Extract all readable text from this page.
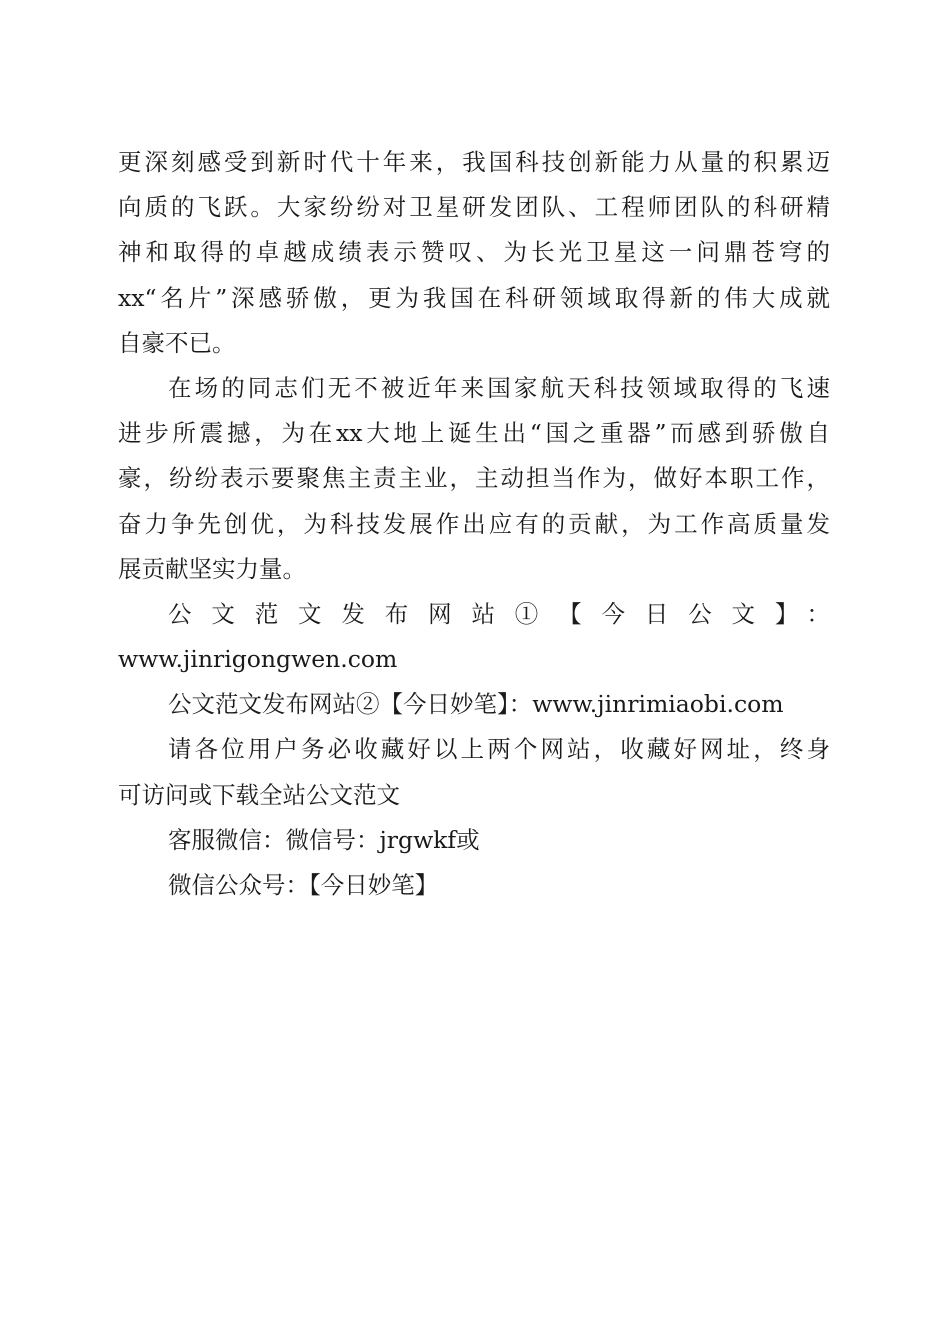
更深刻感受到新时代十年来，我国科技创新能力从量的积累迈
向质的飞跃。大家纷纷对卫星研发团队、工程师团队的科研精
神和取得的卓越成绩表示赞叹、为长光卫星这一问鼎苍穹的
xx“名片”深感骄傲，更为我国在科研领域取得新的伟大成就
自豪不已。
在场的同志们无不被近年来国家航天科技领域取得的飞速
进步所震撼，为在xx大地上诞生出“国之重器”而感到骄傲自
豪，纷纷表示要聚焦主责主业，主动担当作为，做好本职工作，
奋力争先创优，为科技发展作出应有的贡献，为工作高质量发
展贡献坚实力量。
公文范文发布网站①【今日公文】：
www.jinrigongwen.com
公文范文发布网站②【今日妙笔】：www.jinrimiaobi.com
请各位用户务必收藏好以上两个网站，收藏好网址，终身
可访问或下载全站公文范文
客服微信：微信号：jrgwkf或
微信公众号：【今日妙笔】
